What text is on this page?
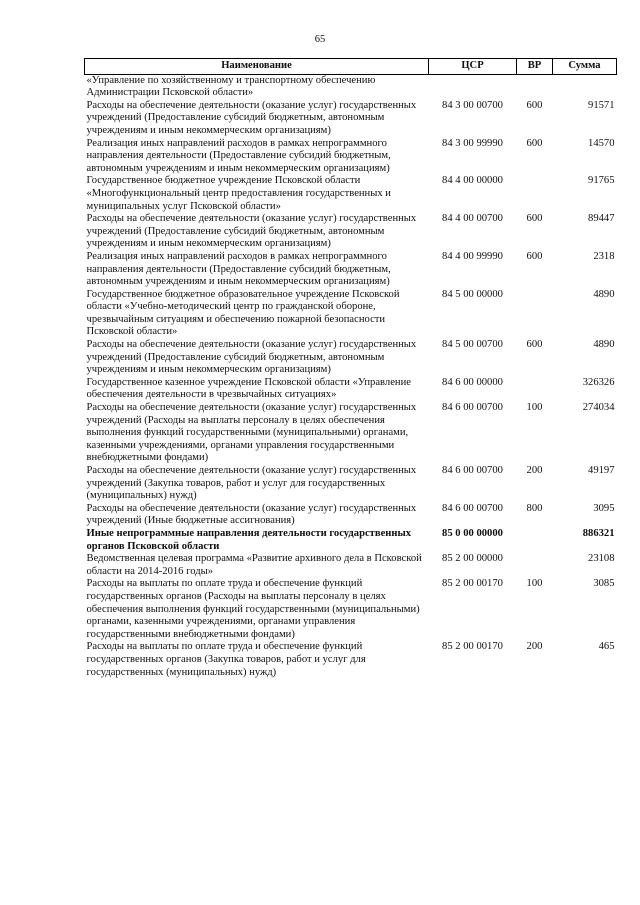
65
Наименование	ЦСР	ВР	Сумма
«Управление по хозяйственному и транспортному обеспечению Администрации Псковской области»			
Расходы на обеспечение деятельности (оказание услуг) государственных учреждений (Предоставление субсидий бюджетным, автономным учреждениям и иным некоммерческим организациям)	84 3 00 00700	600	91571
Реализация иных направлений расходов в рамках непрограммного направления деятельности (Предоставление субсидий бюджетным, автономным учреждениям и иным некоммерческим организациям)	84 3 00 99990	600	14570
Государственное бюджетное учреждение Псковской области «Многофункциональный центр предоставления государственных и муниципальных услуг Псковской области»	84 4 00 00000		91765
Расходы на обеспечение деятельности (оказание услуг) государственных учреждений (Предоставление субсидий бюджетным, автономным учреждениям и иным некоммерческим организациям)	84 4 00 00700	600	89447
Реализация иных направлений расходов в рамках непрограммного направления деятельности (Предоставление субсидий бюджетным, автономным учреждениям и иным некоммерческим организациям)	84 4 00 99990	600	2318
Государственное бюджетное образовательное учреждение Псковской области «Учебно-методический центр по гражданской обороне, чрезвычайным ситуациям и обеспечению пожарной безопасности Псковской области»	84 5 00 00000		4890
Расходы на обеспечение деятельности (оказание услуг) государственных учреждений (Предоставление субсидий бюджетным, автономным учреждениям и иным некоммерческим организациям)	84 5 00 00700	600	4890
Государственное казенное учреждение Псковской области «Управление обеспечения деятельности в чрезвычайных ситуациях»	84 6 00 00000		326326
Расходы на обеспечение деятельности (оказание услуг) государственных учреждений (Расходы на выплаты персоналу в целях обеспечения выполнения функций государственными (муниципальными) органами, казенными учреждениями, органами управления государственными внебюджетными фондами)	84 6 00 00700	100	274034
Расходы на обеспечение деятельности (оказание услуг) государственных учреждений (Закупка товаров, работ и услуг для государственных (муниципальных) нужд)	84 6 00 00700	200	49197
Расходы на обеспечение деятельности (оказание услуг) государственных учреждений (Иные бюджетные ассигнования)	84 6 00 00700	800	3095
Иные непрограммные направления деятельности государственных органов Псковской области	85 0 00 00000		886321
Ведомственная целевая программа «Развитие архивного дела в Псковской области на 2014-2016 годы»	85 2 00 00000		23108
Расходы на выплаты по оплате труда и обеспечение функций государственных органов (Расходы на выплаты персоналу в целях обеспечения выполнения функций государственными (муниципальными) органами, казенными учреждениями, органами управления государственными внебюджетными фондами)	85 2 00 00170	100	3085
Расходы на выплаты по оплате труда и обеспечение функций государственных органов (Закупка товаров, работ и услуг для государственных (муниципальных) нужд)	85 2 00 00170	200	465
